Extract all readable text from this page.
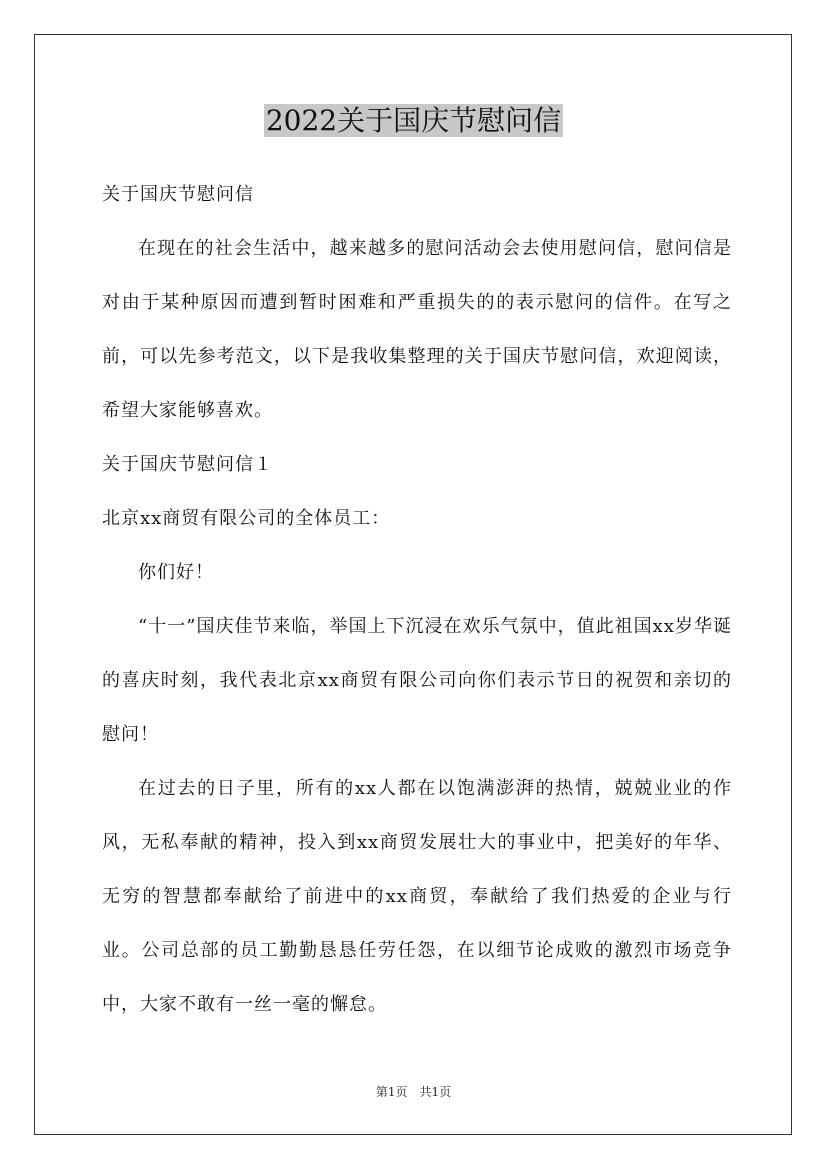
2022关于国庆节慰问信

关于国庆节慰问信

在现在的社会生活中，越来越多的慰问活动会去使用慰问信，慰问信是对由于某种原因而遭到暂时困难和严重损失的的表示慰问的信件。在写之前，可以先参考范文，以下是我收集整理的关于国庆节慰问信，欢迎阅读，希望大家能够喜欢。

关于国庆节慰问信１

北京xx商贸有限公司的全体员工：

你们好！

“十一”国庆佳节来临，举国上下沉浸在欢乐气氛中，值此祖国xx岁华诞的喜庆时刻，我代表北京xx商贸有限公司向你们表示节日的祝贺和亲切的慰问！

在过去的日子里，所有的xx人都在以饱满澎湃的热情，兢兢业业的作风，无私奉献的精神，投入到xx商贸发展壮大的事业中，把美好的年华、无穷的智慧都奉献给了前进中的xx商贸，奉献给了我们热爱的企业与行业。公司总部的员工勤勤恳恳任劳任怨，在以细节论成败的激烈市场竞争中，大家不敢有一丝一毫的懈怠。

第1页　共1页
